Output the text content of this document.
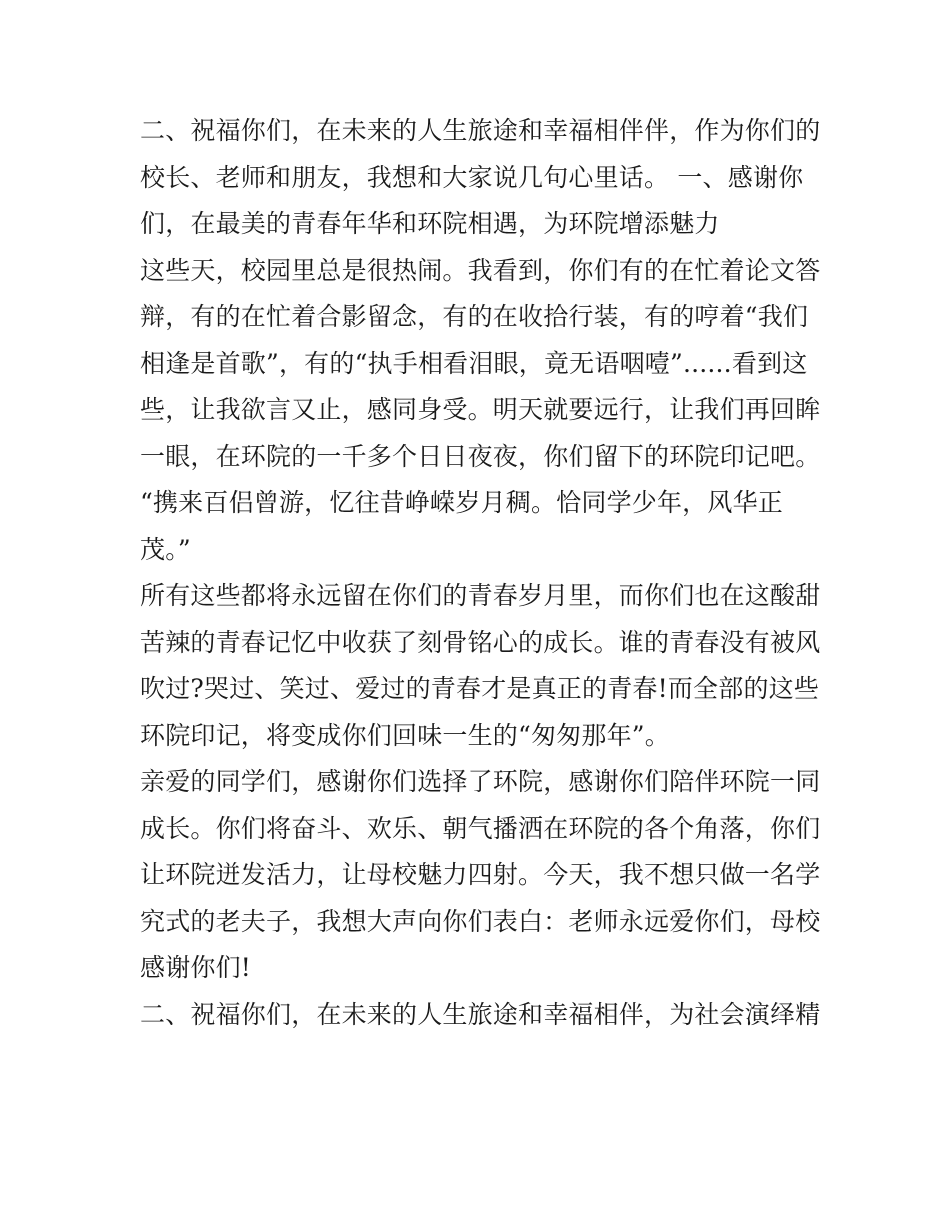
二、祝福你们，在未来的人生旅途和幸福相伴伴，作为你们的
校长、老师和朋友，我想和大家说几句心里话。 一、感谢你
们，在最美的青春年华和环院相遇，为环院增添魅力
这些天，校园里总是很热闹。我看到，你们有的在忙着论文答
辩，有的在忙着合影留念，有的在收拾行装，有的哼着“我们
相逢是首歌”，有的“执手相看泪眼，竟无语咽噎”......看到这
些，让我欲言又止，感同身受。明天就要远行，让我们再回眸
一眼，在环院的一千多个日日夜夜，你们留下的环院印记吧。
“携来百侣曾游，忆往昔峥嵘岁月稠。恰同学少年，风华正
茂。”
所有这些都将永远留在你们的青春岁月里，而你们也在这酸甜
苦辣的青春记忆中收获了刻骨铭心的成长。谁的青春没有被风
吹过?哭过、笑过、爱过的青春才是真正的青春!而全部的这些
环院印记，将变成你们回味一生的“匆匆那年”。
亲爱的同学们，感谢你们选择了环院，感谢你们陪伴环院一同
成长。你们将奋斗、欢乐、朝气播洒在环院的各个角落，你们
让环院迸发活力，让母校魅力四射。今天，我不想只做一名学
究式的老夫子，我想大声向你们表白：老师永远爱你们，母校
感谢你们!
二、祝福你们，在未来的人生旅途和幸福相伴，为社会演绎精
